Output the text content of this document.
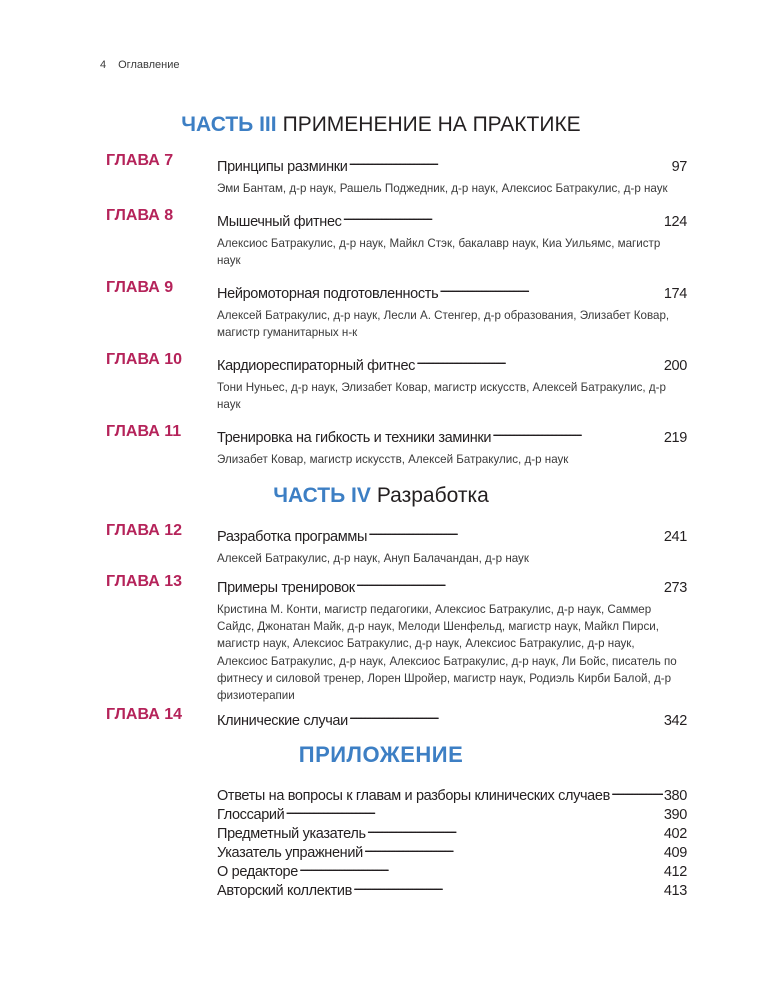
4 Оглавление
ЧАСТЬ III ПРИМЕНЕНИЕ НА ПРАКТИКЕ
ГЛАВА 7	Принципы разминки . . .	97
Эми Бантам, д-р наук, Рашель Поджедник, д-р наук, Алексиос Батракулис, д-р наук
ГЛАВА 8	Мышечный фитнес . . .	124
Алексиос Батракулис, д-р наук, Майкл Стэк, бакалавр наук, Киа Уильямс, магистр наук
ГЛАВА 9	Нейромоторная подготовленность . . .	174
Алексей Батракулис, д-р наук, Лесли А. Стенгер, д-р образования, Элизабет Ковар, магистр гуманитарных н-к
ГЛАВА 10 Кардиореспираторный фитнес . . .	200
Тони Нуньес, д-р наук, Элизабет Ковар, магистр искусств, Алексей Батракулис, д-р наук
ГЛАВА 11 Тренировка на гибкость и техники заминки . . .	219
Элизабет Ковар, магистр искусств, Алексей Батракулис, д-р наук
ЧАСТЬ IV Разработка
ГЛАВА 12 Разработка программы . . .	241
Алексей Батракулис, д-р наук, Ануп Балачандан, д-р наук
ГЛАВА 13 Примеры тренировок . . .	273
Кристина М. Конти, магистр педагогики, Алексиос Батракулис, д-р наук, Саммер Сайдс, Джонатан Майк, д-р наук, Мелоди Шенфельд, магистр наук, Майкл Пирси, магистр наук, Алексиос Батракулис, д-р наук, Алексиос Батракулис, д-р наук, Алексиос Батракулис, д-р наук, Алексиос Батракулис, д-р наук, Ли Бойс, писатель по фитнесу и силовой тренер, Лорен Шройер, магистр наук, Родиэль Кирби Балой, д-р физиотерапии
ГЛАВА 14 Клинические случаи . . .	342
ПРИЛОЖЕНИЕ
Ответы на вопросы к главам и разборы клинических случаев . . .	380
Глоссарий . . .	390
Предметный указатель . . .	402
Указатель упражнений . . .	409
О редакторе . . .	412
Авторский коллектив . . .	413
